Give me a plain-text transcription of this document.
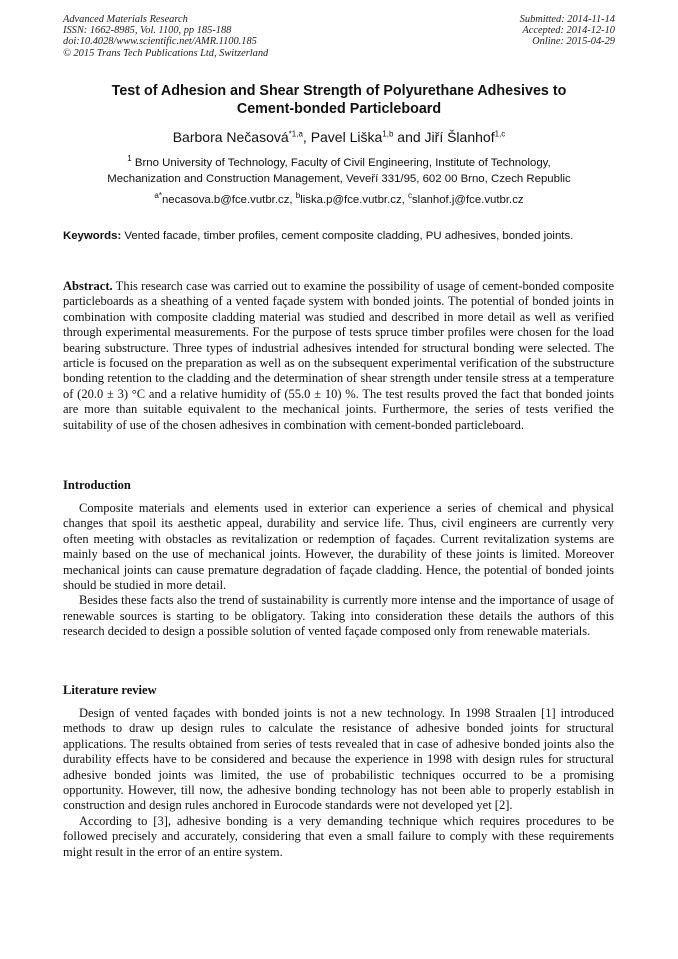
Advanced Materials Research
ISSN: 1662-8985, Vol. 1100, pp 185-188
doi:10.4028/www.scientific.net/AMR.1100.185
© 2015 Trans Tech Publications Ltd, Switzerland
Submitted: 2014-11-14
Accepted: 2014-12-10
Online: 2015-04-29
Test of Adhesion and Shear Strength of Polyurethane Adhesives to
Cement-bonded Particleboard
Barbora Nečasová$^{*1,a}$, Pavel Liška$^{1,b}$ and Jiří Šlanhof$^{1,c}$
$^1$ Brno University of Technology, Faculty of Civil Engineering, Institute of Technology,
Mechanization and Construction Management, Veveří 331/95, 602 00 Brno, Czech Republic
$^{a*}$necasova.b@fce.vutbr.cz, $^b$liska.p@fce.vutbr.cz, $^c$slanhof.j@fce.vutbr.cz
Keywords: Vented facade, timber profiles, cement composite cladding, PU adhesives, bonded joints.
Abstract. This research case was carried out to examine the possibility of usage of cement-bonded composite particleboards as a sheathing of a vented façade system with bonded joints. The potential of bonded joints in combination with composite cladding material was studied and described in more detail as well as verified through experimental measurements. For the purpose of tests spruce timber profiles were chosen for the load bearing substructure. Three types of industrial adhesives intended for structural bonding were selected. The article is focused on the preparation as well as on the subsequent experimental verification of the substructure bonding retention to the cladding and the determination of shear strength under tensile stress at a temperature of (20.0 ± 3) °C and a relative humidity of (55.0 ± 10) %. The test results proved the fact that bonded joints are more than suitable equivalent to the mechanical joints. Furthermore, the series of tests verified the suitability of use of the chosen adhesives in combination with cement-bonded particleboard.
Introduction

Composite materials and elements used in exterior can experience a series of chemical and physical changes that spoil its aesthetic appeal, durability and service life. Thus, civil engineers are currently very often meeting with obstacles as revitalization or redemption of façades. Current revitalization systems are mainly based on the use of mechanical joints. However, the durability of these joints is limited. Moreover mechanical joints can cause premature degradation of façade cladding. Hence, the potential of bonded joints should be studied in more detail.

Besides these facts also the trend of sustainability is currently more intense and the importance of usage of renewable sources is starting to be obligatory. Taking into consideration these details the authors of this research decided to design a possible solution of vented façade composed only from renewable materials.

Literature review

Design of vented façades with bonded joints is not a new technology. In 1998 Straalen [1] introduced methods to draw up design rules to calculate the resistance of adhesive bonded joints for structural applications. The results obtained from series of tests revealed that in case of adhesive bonded joints also the durability effects have to be considered and because the experience in 1998 with design rules for structural adhesive bonded joints was limited, the use of probabilistic techniques occurred to be a promising opportunity. However, till now, the adhesive bonding technology has not been able to properly establish in construction and design rules anchored in Eurocode standards were not developed yet [2].

According to [3], adhesive bonding is a very demanding technique which requires procedures to be followed precisely and accurately, considering that even a small failure to comply with these requirements might result in the error of an entire system.
